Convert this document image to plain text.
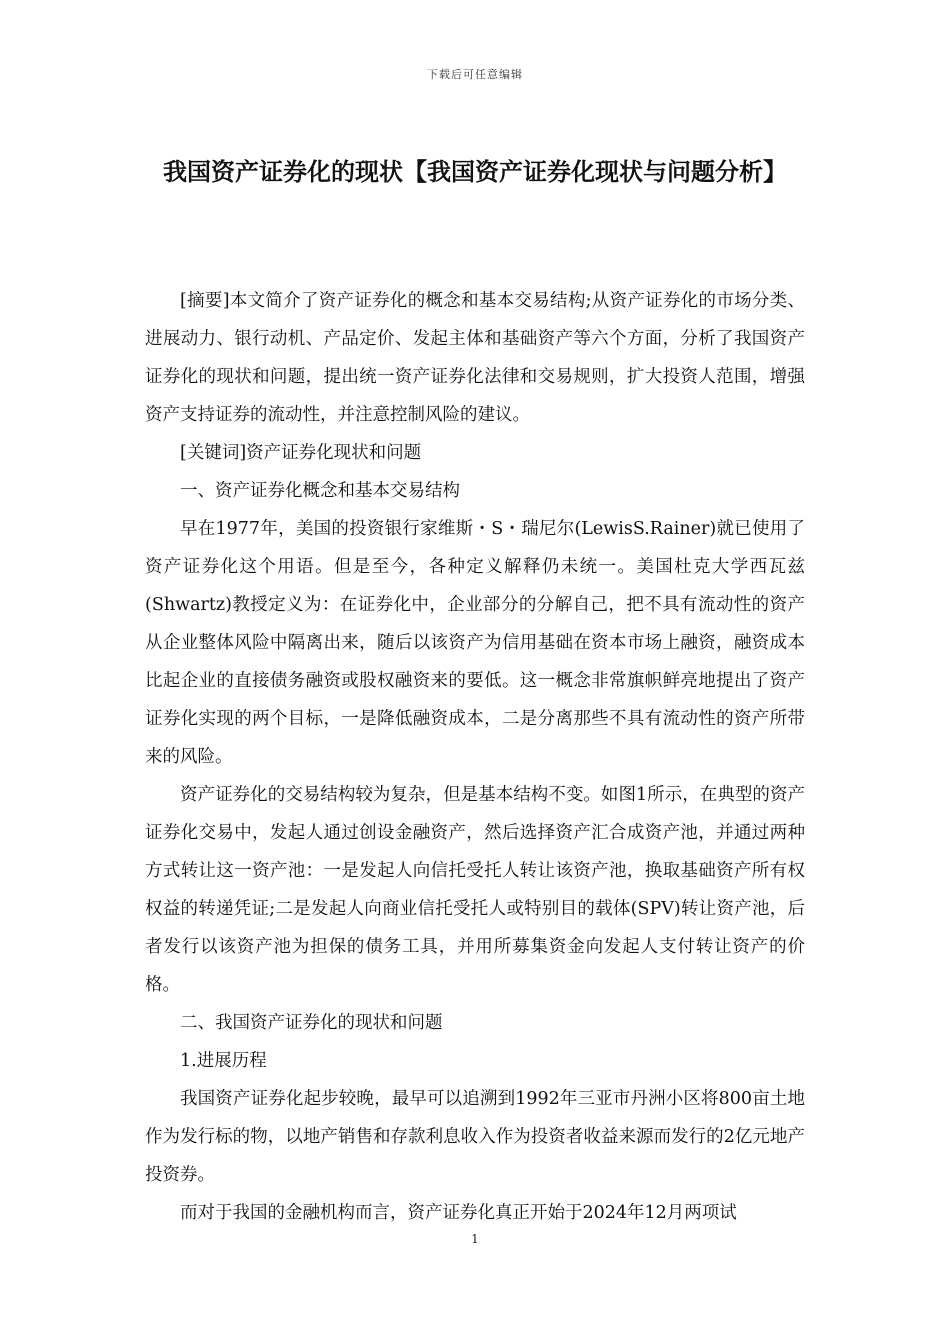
下载后可任意编辑
我国资产证券化的现状【我国资产证券化现状与问题分析】

[摘要]本文简介了资产证券化的概念和基本交易结构;从资产证券化的市场分类、进展动力、银行动机、产品定价、发起主体和基础资产等六个方面，分析了我国资产证券化的现状和问题，提出统一资产证券化法律和交易规则，扩大投资人范围，增强资产支持证券的流动性，并注意控制风险的建议。

[关键词]资产证券化现状和问题

一、资产证券化概念和基本交易结构

早在1977年，美国的投资银行家维斯・S・瑞尼尔(LewisS.Rainer)就已使用了资产证券化这个用语。但是至今，各种定义解释仍未统一。美国杜克大学西瓦兹(Shwartz)教授定义为：在证券化中，企业部分的分解自己，把不具有流动性的资产从企业整体风险中隔离出来，随后以该资产为信用基础在资本市场上融资，融资成本比起企业的直接债务融资或股权融资来的要低。这一概念非常旗帜鲜亮地提出了资产证券化实现的两个目标，一是降低融资成本，二是分离那些不具有流动性的资产所带来的风险。

资产证券化的交易结构较为复杂，但是基本结构不变。如图1所示，在典型的资产证券化交易中，发起人通过创设金融资产，然后选择资产汇合成资产池，并通过两种方式转让这一资产池：一是发起人向信托受托人转让该资产池，换取基础资产所有权权益的转递凭证;二是发起人向商业信托受托人或特别目的载体(SPV)转让资产池，后者发行以该资产池为担保的债务工具，并用所募集资金向发起人支付转让资产的价格。

二、我国资产证券化的现状和问题

1.进展历程

我国资产证券化起步较晚，最早可以追溯到1992年三亚市丹洲小区将800亩土地作为发行标的物，以地产销售和存款利息收入作为投资者收益来源而发行的2亿元地产投资券。

而对于我国的金融机构而言，资产证券化真正开始于2024年12月两项试

1
